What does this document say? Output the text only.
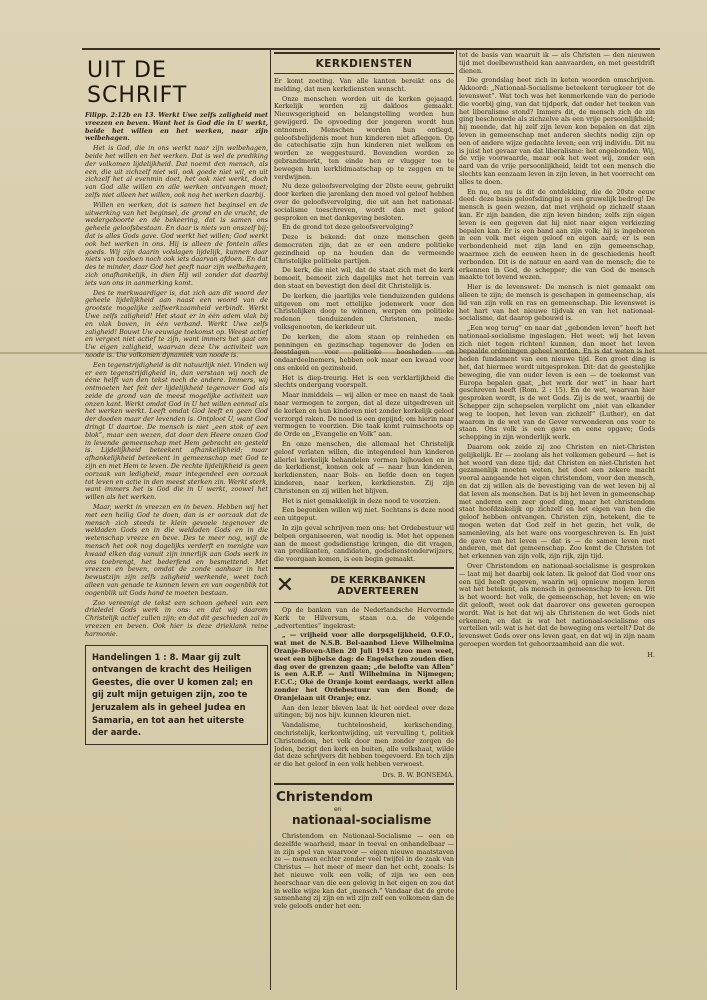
UIT DE SCHRIFT

Filipp. 2:12b en 13. Werkt Uwe zelfs zaligheid met vreezen en beven. Want het is God die in U werkt, beide het willen en het werken, naar zijn welbehagen.

Het is God, die in ons werkt naar zijn welbehagen, beide het willen en het werken. Dat is wel de prediking der volkomen lijdelijkheid. Dat noemt den mensch, als een, die uit zichzelf niet wil, ook goede niet wil, en uit zichzelf het al evenmin doet, het ook niet werkt, doch van God alle willen en alle werken ontvangen moet; zelfs niet alleen het willen, ook nog het werken daarbij.

Willen en werken, dat is samen het beginsel en de uitwerking van het beginsel, de grond en de vrucht, de wedergeboorte en de bekeering, dat is samen ons geheele geloofsbestaan. En daar is niets van onszelf bij; dat is alles Gods gave. God werkt het willen; God werkt ook het werken in ons. Hij is alleen de fontein alles goeds. Wij zijn daarin volslagen lijdelijk, kunnen daar niets van toedoen noch ook iets daarvan afdoen. En dat des te minder, daar God het geeft naar zijn welbehagen, zich onafhankelijk, in dien Hij wil zonder dat daarbij iets van ons in aanmerking komt.

Des te merkwaardiger is, dat zich aan dit woord der geheele lijdelijkheid aan naast een woord van de grootste mogelijke zelfwerkzaamheid verbindt. Werkt Uwe zelfs zaligheid! Het staat er in één adem vlak bij en vlak boven, in één verband. Werkt Uwe zelfs zaligheid! Bouwt Uw eeuwige toekomst op. Weest actief en vergeet niet actief te zijn, want immers het gaat om Uw eigen zaligheid, waarvan deze Uw activiteit van noode is. Uw volkomen dynamiek van noode is.

Een tegenstrijdigheid is dit natuurlijk niet. Vinden wij er een tegenstrijdigheid in, dan verstaan wij noch de ééne helft van den tekst noch de andere. Immers, wij ontmoeten het feit der lijdelijkheid tegenover God als zeide de grond van de meest mogelijke activiteit van onzen kant. Werkt omdat God in U het willen eenmal als het werken werkt. Leeft omdat God leeft en geen God der dooden maar der levenden is. Ontploot U, want God dringt U daartoe. De mensch is niet „een stok of een blok”, maar een wezen, dat door den Heere onzen God in levende gemeenschap met Hem gebracht en gesteld is. Lijdelijkheid beteekent afhankelijkheid; maar afhankelijkheid beteekent in gemeenschap met God te zijn en met Hem te leven. De rechte lijdelijkheid is geen oorzaak van ledigheid, maar integendeel een oorzaak tot leven en actie in den meest sterken zin. Werkt sterk, want immers het is God die in U werkt, zoowel het willen als het werken.

Maar, werkt in vreezen en in beven. Hebben wij het met een heilig God te doen, dan is er oorzaak dat de mensch zich steeds te klein gevoele tegenover de weldaden Gods en in die weldaden Gods en in die wetenschap vreeze en beve. Des te meer nog, wijl de mensch het ook nog dagelijks verderft en menigte van kwaad elken dag vanuit zijn innerlijk aan Gods werk in ons toebrengt, het bederfend en besmettend. Met vreezen en beven, omdat de zonde aanhaar in het bewustzijn zijn zelfs zaligheid werkende, weet toch alleen van genade te kunnen leven en van oogenblik tot oogenblik uit Gods hand te moeten bestaan.

Zoo vereenigt de tekst een schoon geheel van een drieledel Gods werk in ons: en dat wij daarom Christelijk actief zullen zijn; en dat dit geschieden zal in vreezen en beven. Ook hier is deze drieklank reine harmonie.

Handelingen 1 : 8. Maar gij zult ontvangen de kracht des Heiligen Geestes, die over U komen zal; en gij zult mijn getuigen zijn, zoo te Jeruzalem als in geheel Judea en Samaria, en tot aan het uiterste der aarde.

KERKDIENSTEN

Er komt zoeting. Van alle kanten bereikt ons de melding, dat men kerkdiensten wenscht.

Onze menschen worden uit de kerken gejaagd. Kerkelijk worden zij dakloos gemaakt. Nieuwsgerigheid en belangstelling worden hun gewijgerd. De opvoeding der jongeren wordt hun ontnomen. Menschen worden hun ontlegd, geloofsbelijdenis moet hun kinderen niet afleggen. Op de catechisatie zijn hun kinderen niet welkom en worden ze weggestuurd. Bovendien worden ze gebrandmerkt, ten einde hen er vlugger toe te bewegen hun kerklidmaatschap op te zeggen en te verdwijnen.

Nu deze geloofsvervolging der 20ste eeuw, gebruikt door kerken die jarenlang den moed vol geloof hebben over de geloofsvervolging, die uit aan het nationaal-socialisme toeschreven, wordt dan met geloof gesproken en met dankgeving besloten.

En de grond tot deze geloofsvervolging?

Deze is bekend: dat onze menschen geen democraten zijn, dat ze er een andere politieke gezindheid op na houden dan de vermeende Christelijke politieke partijen.

De kerk, die niet wil, dat de staat zich met de kerk bemoeit, bemoeit zich dagelijks met het terrein van den staat en bevestigt den deel dit Christelijk is.

De kerken, die jaarlijks vele tienduizenden guldens uitgeven om met ettelijke jodenwerk voor den Christelijken doop te winnen, werpen om politieke redenen tienduizenden Christenen, mede-volksgenooten, de kerkdeur uit.

De kerken, die alom staan op reinheden en penningen en gezinschap tegenover de Joden en feestdagen voor politieke boosheden en ondaardeelnemers, hebben ook maar een kwaad voor ons enkeld en gezinsheid.

Het is diep-treurig. Het is een verklarlijkheid die slechts ondergang voorspelt.

Maar inmiddels — wij allen er mee en naast de taak naar vermogen te zorgen, dat al deze uitgedreven uit de kerken en hun kinderen niet zonder kerkelijk geloof verzorgd raken. De nood is een gepijnd; om hierin naar vermogen te voorzien. Die taak komt ruimschoots op de Orde en „Evangelie en Volk” aan.

En onze menschen, die allemaal het Christelijk geloof verlaten willen, die integendeel hun kinderen allerlei kerkelijk behandelen vormen bijhouden en in de kerkdienst, komen ook af — naar hun kinderen, kerkdiensten, naar Bols- en liefde doen en tegen kinderen, naar kerken, kerkdiensten. Zij zijn Christenen en zij willen het blijven.

Het is niet gemakkelijk in deze nood te voorzien.

Een begonken willen wij niet. Sochtans is deze nood een uitgeput.

In zijn geval schrijven men ons: het Ordebestuur wil belpen organiseeren, wat noodig is. Met het oppenen aan de meest godsdienstige kringen, die dit vragen, van predikanten, candidaten, godsdienstonderwijzers, die voorgaan komen, is een begin gemaakt.

✕	DE KERKBANKEN ADVERTEEREN

Op de banken van de Nederlandsche Hervormde Kerk te Hilversum, staan o.a. de volgende „advertenties” ingekrast:

„ — vrijheid voor alle dorpsgelijkheid, O.F.O., wat met de N.S.B. Bel-aanbod Lieve Wilhelmina Oranje-Boven-Allen 20 Juli 1943 (zoo men weet, weet een bijbelse dag: de Engelschen zouden dien dag over de grenzen gaan; „de belofte van Allen” is een A.R.P. — Anti Wilhelmina in Nijmegen; F.C.C.; Oké de Oranje komt eerdaags, werkt allen zonder het Ordebestuur van den Bond; de Oranjelaan uit Oranje; enz.

Aan den lezer bleven laat ik het oordeel over deze uitingen; bij nos hijv. kunnen kleuren niet.

Vandalisme, tuchteloosheid, kerkschending, onchristelijk, kerkontwijding, uit vervulling t, politiek Christendom, het volk door men zonder zorgen de Joden, bezigt den kerk en buiten, alle volkshaat, wilde dat deze schrijvers dit hebben toegevoerd. En toch zijn er die het geloof in een volk hebben verwoest.

Drs. B. W. BONSEMA.

Christendom
en
nationaal-socialisme

Christendom en Nationaal-Socialisme — een en dezelfde waarheid, maar in toeval en onhandelbaar — in zijn spel van waarvoor — eigen nieuwe maatstaven ze — mensen echter zonder veel twijfel in de zaak van Christus — het meer of meer dan het echt, zooals: Is het nieuwe volk een volk; of zijn we een een heerschaar van die een gelovig in het eigen en zou dat in welke wijze kan dat „mensch.” Vandaar dat de grote samenhang zij zijn en wil zijn zelf een volkomen dan de vele geloofs onder het een.

tot de basis van waaruit ik — als Christen — den nieuwen tijd met doelbewustheid kan aanvaarden, en met geestdrift dienen.

Die grondslag heet zich in keten woorden omschrijven. Akkoord: „Nationaal-Socialisme beteekent terugkeer tot de levenswet”. Wat toch was het kenmerkende van de periode die voorbij ging, van dat tijdperk, dat onder het teeken van het liberalisme stond? Immers dit, de mensch zich de zin ging beschouwde als zichzelve als een vrije persoonlijkheid; hij meende, dat hij zelf zijn leven kon bepalen en dat zijn leven in gemeenschap met anderen slechts nodig zijn op een of andere wijze gedachte leven; een vrij individu. Dit nu is juist het gevaar van dat liberalisme: het ongebonden. Wij, de vrije voorwaarde, maar ook het weet wij, zonder een aard van de vrije persoonlijkheid, leidt tot een mensch die slechts kan eenzaam leven in zijn leven, in het voorrecht om alles te doen.

En nu, en nu is dit de ontdekking, die de 20ste eeuw deed: deze basis geloofsdinging is een gruwelijk bedrog! De mensch is geen wezen, dat met vrijheid op zichzelf staan kan. Er zijn banden, die zijn leven binden; zelfs zijn eigen leven is een gegeven dat hij niet naar eigen verkiezing bepalen kan. Er is een band aan zijn volk; hij is ingeboren in een volk met eigen geloof en eigen aard; er is een verbondenheid met zijn land en zijn gemeenschap, waarmee zich de eeuwen heen in de geschiedenis heeft verbonden. Dit is de natuur en aard van de mensch; die te erkennen in God, de schepper; die van God de mensch maakte tot levend wezen.

Hier is de levenswet: De mensch is niet gemaakt om alleen te zijn; de mensch is geschapen in gemeenschap, als lid van zijn volk en ras en gemeenschap. Die levenswet is het hart van het nieuwe tijdvak en van het nationaal-socialisme, dat daarop gebouwd is.

„Een weg terug” en naar dat „gebonden leven” heeft het nationaal-socialisme ingeslagen. Het weet: wij het leven zich niet tegen richten! kunnen, dan moet het leven bepaalde ordeningen geheel worden. En is dat weten is het heden fundament van een nieuwe tijd. Een groot ding is het, dat hiermee wordt uitgesproken. Dit: dat de geestelijke beweging, die van ouder leven is een — de toekomst van Europa bepalen gaat, „het werk der wet” in haar hart geschreven heeft (Rom. 2 : 15). En de wet, waarvan hier gesproken wordt, is de wet Gods. Zij is de wet, waarbij de Schepper zijn schepselen verplicht om „niet van elkander weg te loopen, het leven van zichzelf” (Luther), en dat waarom in de wet van de Gever verwonderen ons voor te staan. Ons volk is een gave en eene opgave; Gods schepping in zijn wonderlijk werk.

Daarom ook zeide zij zoo Christen en niet-Christen gelijkelijk. Er — zoolang als het volkomen gebeurd — het is het woord van deze tijd; dat Christen en niet-Christen het gezamenlijk moeten weten, het doet een zekere macht vooral aangaande het eigen christendom, voor den mensch, en dat zij willen als de bevestiging van de wet leven bij al dat leven als menschen. Dat is bij het leven in gemeenschap met anderen een zeer goed ding, maar het christendom staat hoofdzakelijk op zichzelf en het eigen van hen die geloof hebben ontvangen. Christen zijn, betekent, die te mogen weten dat God zelf in het gezin, het volk, de samenleving, als het ware ons voorgeschreven is. En juist de gave van het leven — dat is — de samen leven met anderen, met dat gemeenschap. Zoo komt de Christen tot het erkennen van zijn volk, zijn rijk, zijn tijd.

Over Christendom en nationaal-socialisme is gesproken — laat mij het daarbij ook laten. Ik geloof dat God voor ons een tijd heeft gegeven, waarin wij opnieuw mogen leren wat het betekent, als mensch in gemeenschap te leven. Dit is het woord: het volk, de gemeenschap, het leven; en wie dit gelooft, weet ook dat daarover ons geweten geroepen wordt. Wat is het dat wij als Christenen de wet Gods niet erkennen, en dat is wat het nationaal-socialisme ons vertellen wil: wat is het dat de beweging ons vertelt? Dat de levenswet Gods over ons leven gaat, en dat wij in zijn naam geroepen worden tot gehoorzaamheid aan die wet.

H.
